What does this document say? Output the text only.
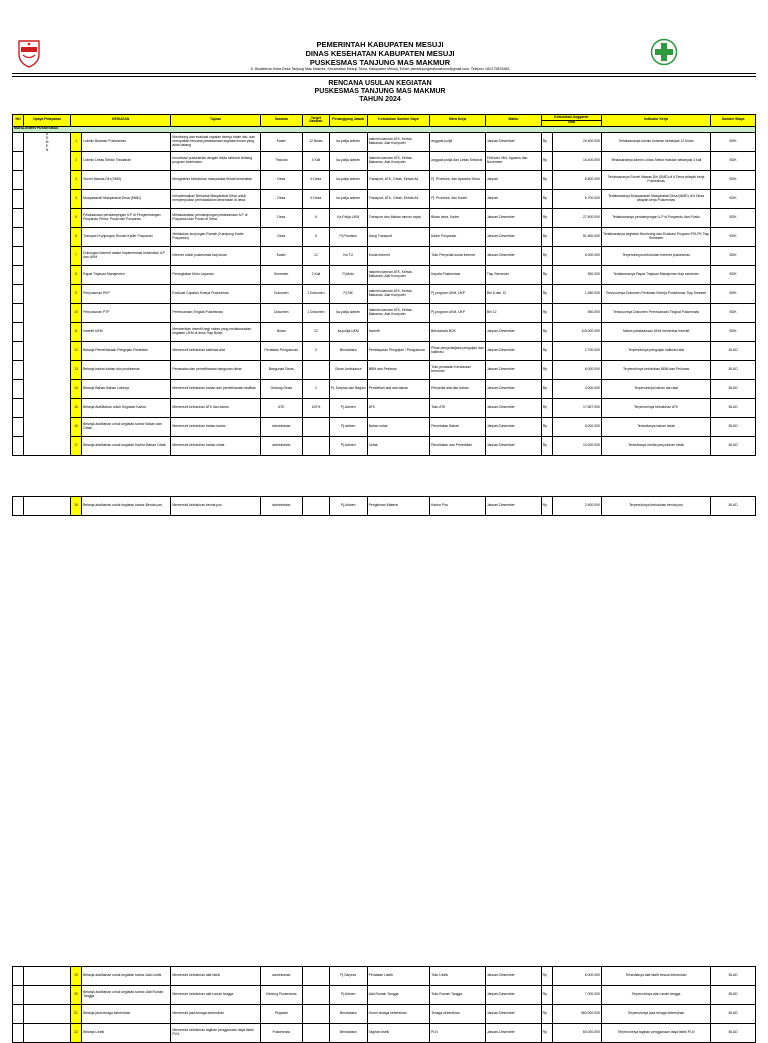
PEMERINTAH KABUPATEN MESUJI
DINAS KESEHATAN KABUPATEN MESUJI
PUSKESMAS TANJUNG MAS MAKMUR
Jl. Budaterna Hotla Desa Tanjung Mas Makmur, Kecamatan Mesuji Timur, Kabupaten Mesuji, Email: pkmtanjungmasmakmur@gmail.com, Telepon: 082175876363
RENCANA USULAN KEGIATAN
PUSKESMAS TANJUNG MAS MAKMUR
TAHUN 2024
NO	Upaya Pelayanan	KEGIATAN		Tujuan	Sasaran	Target Sasaran	Penanggung Jawab	Kebutuhan Sumber Daya	Mitra Kerja	Waktu	Kebutuhan Anggaran		Indikator Kerja	Sumber Biaya
											Total			
MANAJEMEN PUSKESMAS														

	A
D
M
E
N	1	Lokmin Bulanan Puskesmas	Monitoring dan evaluasi capaian kinerja bulan lalu, dan merupakan rencana pelaksanaan kegiatan bulan yang akan datang	Kader	12 Bulan	ka.polija admen	makmin,bannan ATK, Kertas, Makanan, Alat Komputer	anggota polija	Januari-Desember	Rp	20.400.000	Terlaksananya lokmin bulanan sebanyak 12 bulan	BOK
		2	Lokmin Lintas Sektor Tiwulanan	koordinasi puskesmas dengan lintas sektoral tentang program kesehatan	Triwulan	4 Kali	ka.polija admen	makmin,bannan ATK, Kertas, Makanan, Alat Komputer	anggota polija dan Lintas Sektoral	Februari, Mei, Agustus dan November	Rp	15.400.000	Terlaksananya lokmin Lintas Sektor triwulan sebanyak 4 kali	BOK
		3	Survei Mawas Diri (SMD)	Mengetahui kebutuhan masyarakat terkait kesehatan	Desa	6 Desa	ka.polija admen	Transport, ATK, Cetak, Kertas A4	Pj. Promkes, dan Aparatur Desa	Januari	Rp	6.500.000	Terlaksananya Survei Mawas Diri (SMD) di 6 Desa wilayah kerja Puskesmas	BOK
		4	Musyawarah Masyarakat Desa (MMD)	menyelesaikan Bersama Masyarakat Desa untuk menyimpulkan permasalahan kesehatan di desa	Desa	6 Desa	ka.polija admen	Transport, ATK, Cetak, Kertas A4	Pj. Promkes, dan Kader	Januari	Rp	6.700.000	Terlaksananya Musyawarah Masyarakat Desa (MMD) di 6 Desa wilayah kerja Puskesmas	BOK
		5	Pelaksanaan pendampingan ILP di Pengembangan Posyandu Prima, Pusat dan Posyandu	Melaksanakan pendampingan pelaksanaan ILP di Posyandu dan Posko di Desa	Desa	6	Ka.Polija UKM	Transport dan Makan minum rapat	Bidan desa, Kader	Januari-Desember	Rp	27.600.000	Terlaksananya pendampingan ILP di Posyandu dan Posko	BOK
		6	Transport Kunjungan Rumah Kader Posyandu	Melakukan kunjungan Rumah (Kampung Kader Posyandu)	Desa	6	Pj.Promkes	Uang Transport	Kader Posyandu	Januari-Desember	Rp	51.600.000	Terlaksananya kegiatan Monitoring dan Evaluasi Program PIS-PK Tiap Semester	BOK
		7	Dukungan Internet dalam Implementasi kesehatan ILP dan UKM	Internet untuk puskesmas tiap bulan	Kader	12	Ka.TU	Kuota Internet	Toko Penyedia kuota Internet	Januari-Desember	Rp	6.000.000	Terpenuhinya kebutuhan Internet puskesmas	BOK
		8	Rapat Tinjauan Manajemen	Peningkatan Mutu Layanan	Semester	2 Kali	Pj.Mutu	makmin,bannan ATK, Kertas, Makanan, Alat Komputer	Kepala Puskesmas	Tiap Semester	Rp	550.000	Terlaksananya Rapat Tinjauan Manajemen tiap semester	BOK
		9	Penyusunan PKP	Evaluasi Capaian Kinerja Puskesmas	Dokumen	1 Dokumen	Pj.SIK	makmin,bannan ATK, Kertas, Makanan, Alat Komputer	Pj.program UKM, UKP	Bln 6 dan 12	Rp	1.480.000	Tersusunnya Dokumen Penilaian Kinerja Puskesmas Tiap Smester	BOK
		10	Penyusunan PTP	Perencanaan Tingkat Puskesmas	Dokumen	1 Dokumen	ka.polija admen	makmin,bannan ATK, Kertas, Makanan, Alat Komputer	Pj.program UKM, UKP	Bln 12	Rp	550.000	Tersusunnya Dokumen Perencanaan Tingkat Puskesmas	BOK
		11	Insentif UKM	Memberikan insentif bagi nakes yang melaksanakan kegiatan UKM di desa Tiap Bulan	Bulan	12	ka.polija UKM	Insentif	Bendahara BOK	Januari-Desember	Rp	115.000.000	Nakes pelaksanaan UKM menerima Insentif	BOK
		12	Belanja Pemeliharaan Pengujian Peralatan	Memenuhi kebutuhan kalibrasi alat	Peralatan Pengukuran	2	Bendahara	Pembayaran Pengujian / Pengukuran	Pihak penyedia/jasa pengujian dan kalibrasi	Januari-Desember	Rp	2.700.000	Terpenuhinya pengujian kalibrasi alat	BLUD
		13	Belanja bahan-bahan lain puskesmas	Perawatan dan pemeliharaan bangunan dinas	Bangunan Dinas		Ginan Ambulance	BBM dan Pelumas	Toko peralatan Kendaraan bermotor	Januari-Desember	Rp	6.000.000	Terpenuhinya kebutuhan BBM dan Pelumas	BLUD
		14	Belanja Bahan-Bahan Lainnya	Memenuhi kebutuhan bahan dan pemeliharaan fasilitas	Gedung Dinas	1	Pj. Sarpras dan Bagian	Pembelian alat dan bahan	Penyedia alat dan bahan	Januari-Desember	Rp	4.000.000	Terpenuhinya bahan dan alat	BLUD
		15	Belanja Alat/Bahan untuk Kegiatan Kantor	Memenuhi kebutuhan ATK dan kantor	ATK	100%	Pj.Admen	ATK	Toko ATK	Januari-Desember	Rp	17.657.000	Terpenuhinya kebutuhan ATK	BLUD
		16	Belanja alat/bahan untuk kegiatan kantor Bahan dan Cetak	Memenuhi kebutuhan bahan kantor	administrasi		Pj.admen	Bahan cetak	Percetakan Bahan	Januari-Desember	Rp	8.000.000	Tersedianya bahan cetak	BLUD
		17	Belanja alat/bahan untuk kegiatan Kantor-Bahan Cetak	Memenuhi kebutuhan bahan cetak	administrasi		Pj.Admen	Cetak	Percetakan dan Penerbitan	Januari-Desember	Rp	10.000.000	Tersedianya media penyuluhan cetak	BLUD
		18	Belanja alat/bahan untuk kegiatan kantor-Benda pos	Memenuhi kebutuhan benda pos	administrasi		Pj.Admen	Pengiriman Materai	Kantor Pos	Januari-Desember	Rp	2.600.000	Terpenuhinya kebutuhan benda pos	BLUD
		19	Belanja alat/bahan untuk kegiatan kantor-Alat Listrik	Memenuhi kebutuhan alat listrik	administrasi		Pj.Sarpras	Peralatan Listrik	Toko Listrik	Januari-Desember	Rp	8.000.000	Tersedianya alat listrik sesuai kebutuhan	BLUD
		20	Belanja alat/bahan untuk kegiatan kantor-Alat Rumah Tangga	Memenuhi kebutuhan alat rumah tangga	Gedung Puskesmas		Pj.Admen	Alat Rumah Tangga	Toko Rumah Tangga	Januari-Desember	Rp	7.000.000	Terpenuhinya alat rumah tangga	BLUD
		21	Belanja jasa tenaga kebersihan	Memenuhi jasa tenaga kebersihan	Pegawai		Bendahara	Honor tenaga kebersihan	Tenaga kebersihan	Januari-Desember	Rp	360.000.000	Terpenuhinya jasa tenaga kebersihan	BLUD
		22	Belanja Listrik	Memenuhi kebutuhan tagihan penggunaan daya listrik PLN	Puskesmas		Bendahara	Tagihan listrik	PLN	Januari-Desember	Rp	60.000.000	Terpenuhinya tagihan penggunaan daya listrik PLN	BLUD
